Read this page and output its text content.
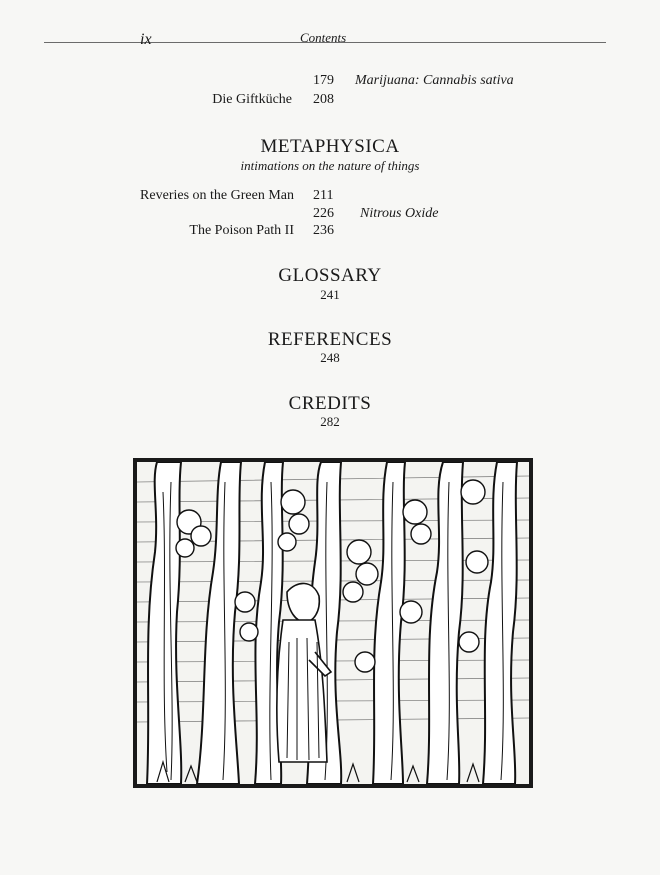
ix	Contents
179	Marijuana: Cannabis sativa
Die Giftküche 208
METAPHYSICA
intimations on the nature of things
Reveries on the Green Man 211
226	Nitrous Oxide
The Poison Path II 236
GLOSSARY
241
REFERENCES
248
CREDITS
282
